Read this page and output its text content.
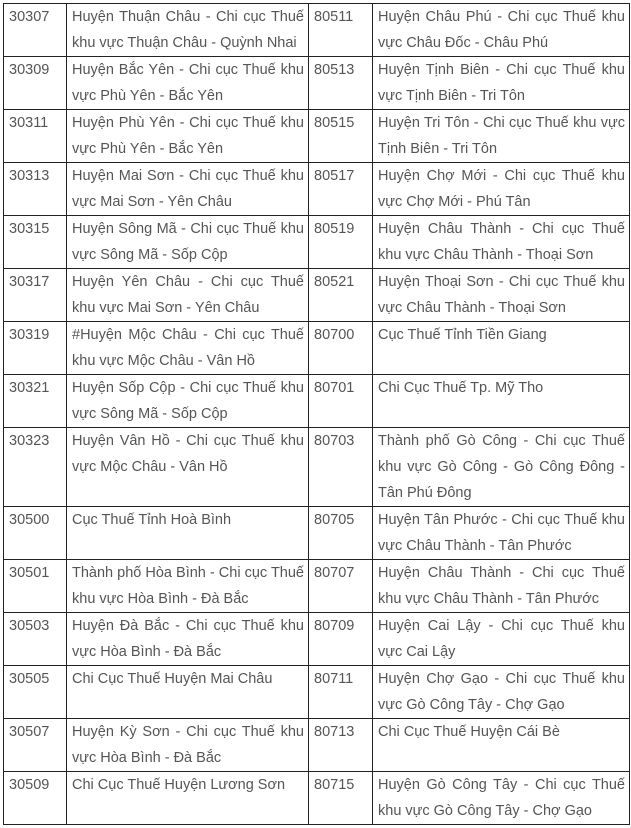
30307	Huyện Thuận Châu - Chi cục Thuế khu vực Thuận Châu - Quỳnh Nhai	80511	Huyện Châu Phú - Chi cục Thuế khu vực Châu Đốc - Châu Phú
30309	Huyện Bắc Yên - Chi cục Thuế khu vực Phù Yên - Bắc Yên	80513	Huyện Tịnh Biên - Chi cục Thuế khu vực Tịnh Biên - Tri Tôn
30311	Huyện Phù Yên - Chi cục Thuế khu vực Phù Yên - Bắc Yên	80515	Huyện Tri Tôn - Chi cục Thuế khu vực Tịnh Biên - Tri Tôn
30313	Huyện Mai Sơn - Chi cục Thuế khu vực Mai Sơn - Yên Châu	80517	Huyện Chợ Mới - Chi cục Thuế khu vực Chợ Mới - Phú Tân
30315	Huyện Sông Mã - Chi cục Thuế khu vực Sông Mã - Sốp Cộp	80519	Huyện Châu Thành - Chi cục Thuế khu vực Châu Thành - Thoại Sơn
30317	Huyện Yên Châu - Chi cục Thuế khu vực Mai Sơn - Yên Châu	80521	Huyện Thoại Sơn - Chi cục Thuế khu vực Châu Thành - Thoại Sơn
30319	#Huyện Mộc Châu - Chi cục Thuế khu vực Mộc Châu - Vân Hồ	80700	Cục Thuế Tỉnh Tiền Giang
30321	Huyện Sốp Cộp - Chi cục Thuế khu vực Sông Mã - Sốp Cộp	80701	Chi Cục Thuế Tp. Mỹ Tho
30323	Huyện Vân Hồ - Chi cục Thuế khu vực Mộc Châu - Vân Hồ	80703	Thành phố Gò Công - Chi cục Thuế khu vực Gò Công - Gò Công Đông - Tân Phú Đông
30500	Cục Thuế Tỉnh Hoà Bình	80705	Huyện Tân Phước - Chi cục Thuế khu vực Châu Thành - Tân Phước
30501	Thành phố Hòa Bình - Chi cục Thuế khu vực Hòa Bình - Đà Bắc	80707	Huyện Châu Thành - Chi cục Thuế khu vực Châu Thành - Tân Phước
30503	Huyện Đà Bắc - Chi cục Thuế khu vực Hòa Bình - Đà Bắc	80709	Huyện Cai Lậy - Chi cục Thuế khu vực Cai Lậy
30505	Chi Cục Thuế Huyện Mai Châu	80711	Huyện Chợ Gạo - Chi cục Thuế khu vực Gò Công Tây - Chợ Gạo
30507	Huyện Kỳ Sơn - Chi cục Thuế khu vực Hòa Bình - Đà Bắc	80713	Chi Cục Thuế Huyện Cái Bè
30509	Chi Cục Thuế Huyện Lương Sơn	80715	Huyện Gò Công Tây - Chi cục Thuế khu vực Gò Công Tây - Chợ Gạo
